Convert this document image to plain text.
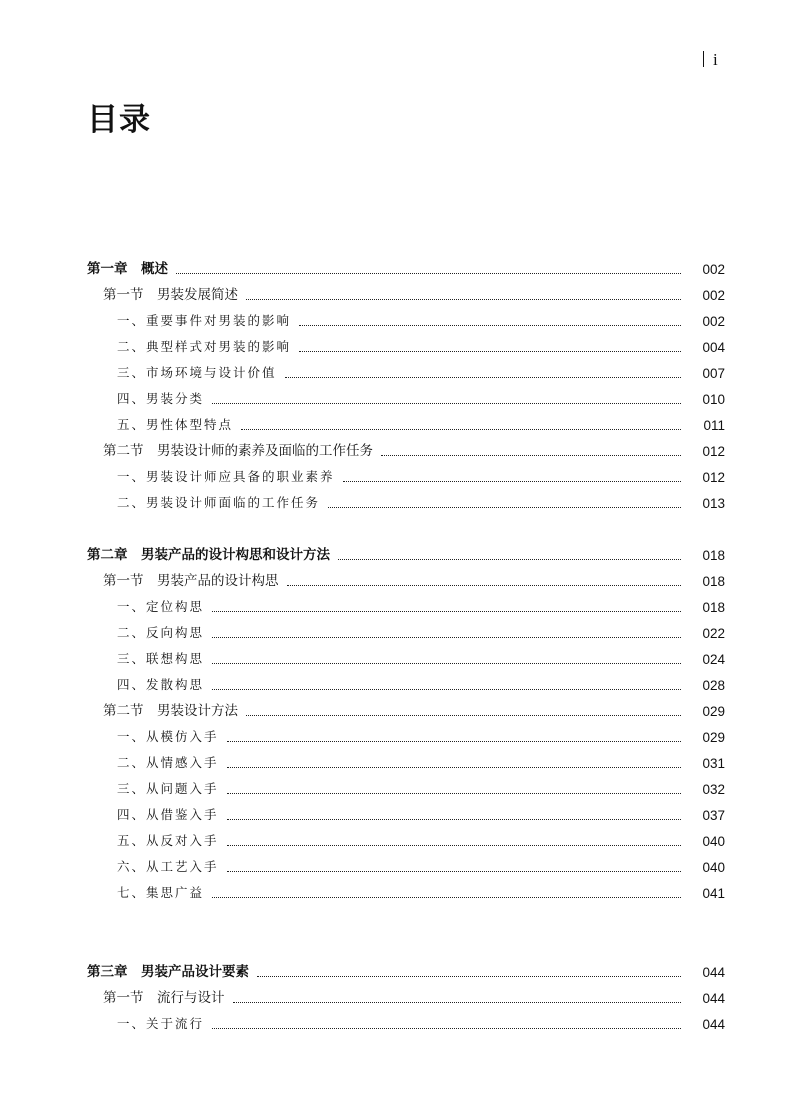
i
目录
第一章　概述	002
第一节　男装发展简述	002
一、重要事件对男装的影响	002
二、典型样式对男装的影响	004
三、市场环境与设计价值	007
四、男装分类	010
五、男性体型特点	011
第二节　男装设计师的素养及面临的工作任务	012
一、男装设计师应具备的职业素养	012
二、男装设计师面临的工作任务	013
第二章　男装产品的设计构思和设计方法	018
第一节　男装产品的设计构思	018
一、定位构思	018
二、反向构思	022
三、联想构思	024
四、发散构思	028
第二节　男装设计方法	029
一、从模仿入手	029
二、从情感入手	031
三、从问题入手	032
四、从借鉴入手	037
五、从反对入手	040
六、从工艺入手	040
七、集思广益	041
第三章　男装产品设计要素	044
第一节　流行与设计	044
一、关于流行	044
